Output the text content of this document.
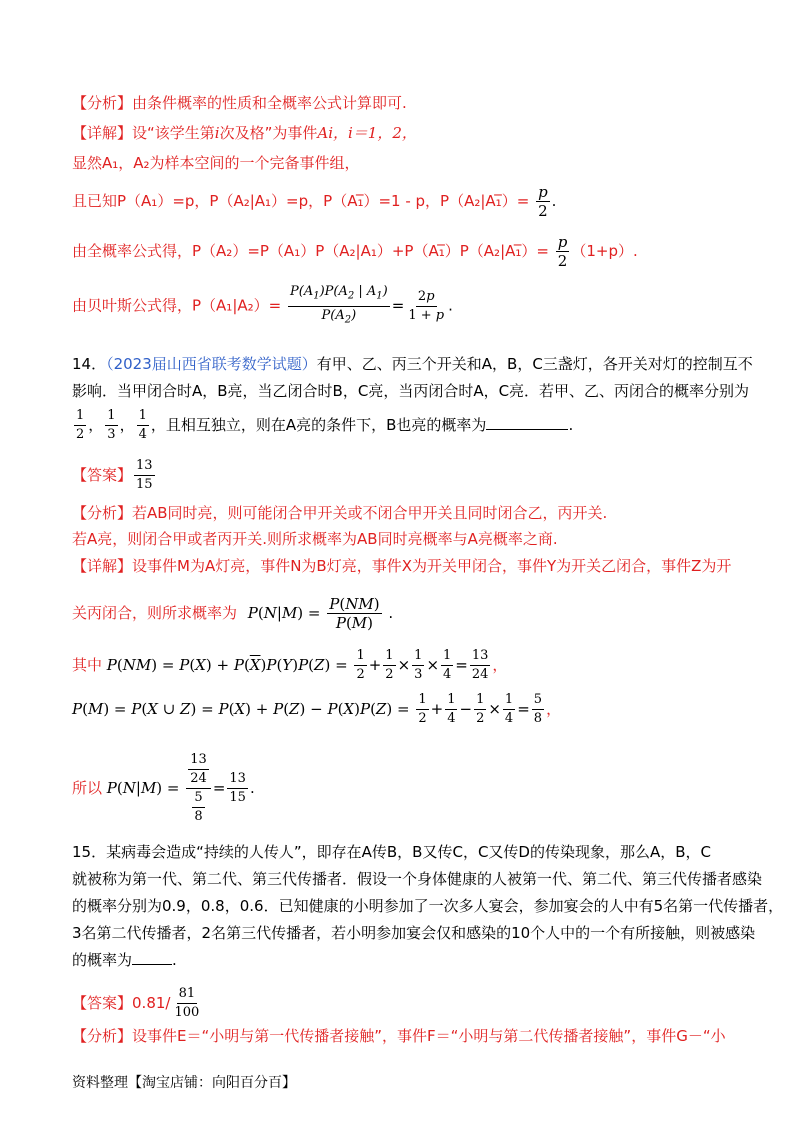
【分析】由条件概率的性质和全概率公式计算即可.
【详解】设“该学生第i次及格”为事件Ai，i＝1，2，
显然A₁，A₂为样本空间的一个完备事件组，
且已知P（A₁）=p，P（A₂|A₁）=p，P（A₁̅）=1 - p，P（A₂|A₁̅）= $\frac{p}{2}$ .
由全概率公式得，P（A₂）=P（A₁）P（A₂|A₁）+P（A₁̅）P（A₂|A₁̅）= $\frac{p}{2} (1+p)$.
由贝叶斯公式得，$P(A_1|A_2)= \frac{P(A_1)P(A_2 | A_1)}{P(A_2)} = \frac{2p}{1 + p}$ .
14．（2023届山西省联考数学试题）有甲、乙、丙三个开关和A，B，C三盏灯，各开关对灯的控制互不
影响．当甲闭合时A，B亮，当乙闭合时B，C亮，当丙闭合时A，C亮．若甲、乙、丙闭合的概率分别为
$\frac{1}{2}$ ， $\frac{1}{3}$ ， $\frac{1}{4}$ ，且相互独立，则在A亮的条件下，B也亮的概率为	.
【答案】 $\frac{13}{15}$
【分析】若AB同时亮，则可能闭合甲开关或不闭合甲开关且同时闭合乙，丙开关.
若A亮，则闭合甲或者丙开关.则所求概率为AB同时亮概率与A亮概率之商.
【详解】设事件M为A灯亮，事件N为B灯亮，事件X为开关甲闭合，事件Y为开关乙闭合，事件Z为开
关丙闭合，则所求概率为 $P(N|M) = \frac{P(NM)}{P(M)}$ .
其中 $P(NM) = P(X) + P(\overline{X})P(Y)P(Z) = \frac{1}{2} + \frac{1}{2} \times \frac{1}{3} \times \frac{1}{4} = \frac{13}{24}$ ，
P(M) = P(X ∪ $Z) = P(X) + P(Z) - P(X)P(Z) = \frac{1}{2} + \frac{1}{4} - \frac{1}{2} \times \frac{1}{4} = \frac{5}{8}$ ，
所以 $P(N|M) = \frac{\frac{13}{24}}{\frac{5}{8}} = \frac{13}{15}$ .
15．某病毒会造成“持续的人传人”，即存在A传B，B又传C，C又传D的传染现象，那么A，B，C
就被称为第一代、第二代、第三代传播者．假设一个身体健康的人被第一代、第二代、第三代传播者感染
的概率分别为0.9，0.8，0.6．已知健康的小明参加了一次多人宴会，参加宴会的人中有5名第一代传播者，
3名第二代传播者，2名第三代传播者，若小明参加宴会仅和感染的10个人中的一个有所接触，则被感染
的概率为	.
【答案】$0.81/ \frac{81}{100}$
【分析】设事件E＝“小明与第一代传播者接触”，事件F＝“小明与第二代传播者接触”，事件G－“小
资料整理【淘宝店铺：向阳百分百】
